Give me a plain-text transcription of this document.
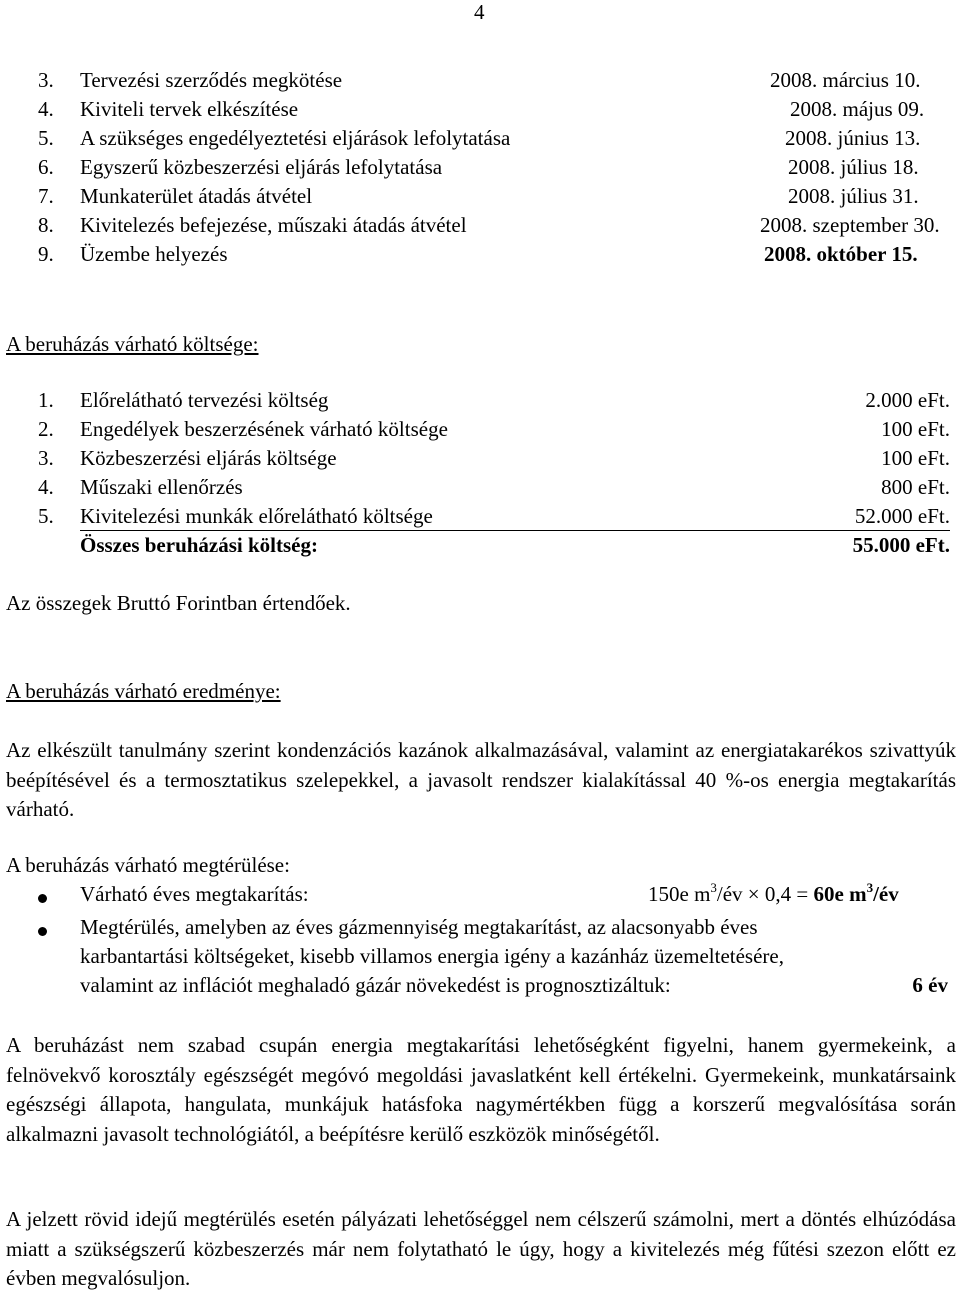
4
3. Tervezési szerződés megkötése	2008. március 10.
4. Kiviteli tervek elkészítése	2008. május 09.
5. A szükséges engedélyeztetési eljárások lefolytatása	2008. június 13.
6. Egyszerű közbeszerzési eljárás lefolytatása	2008. július 18.
7. Munkaterület átadás átvétel	2008. július 31.
8. Kivitelezés befejezése, műszaki átadás átvétel	2008. szeptember 30.
9. Üzembe helyezés	2008. október 15.
A beruházás várható költsége:
1. Előrelátható tervezési költség	2.000 eFt.
2. Engedélyek beszerzésének várható költsége	100 eFt.
3. Közbeszerzési eljárás költsége	100 eFt.
4. Műszaki ellenőrzés	800 eFt.
5. Kivitelezési munkák előrelátható költsége	52.000 eFt.
Összes beruházási költség:	55.000 eFt.
Az összegek Bruttó Forintban értendőek.
A beruházás várható eredménye:
Az elkészült tanulmány szerint kondenzációs kazánok alkalmazásával, valamint az energiatakarékos szivattyúk beépítésével és a termosztatikus szelepekkel, a javasolt rendszer kialakítással 40 %-os energia megtakarítás várható.
A beruházás várható megtérülése:
Várható éves megtakarítás:	150e $m^3/év \times 0,4 = 60e$ $m^3/év$
Megtérülés, amelyben az éves gázmennyiség megtakarítást, az alacsonyabb éves
karbantartási költségeket, kisebb villamos energia igény a kazánház üzemeltetésére,
valamint az inflációt meghaladó gázár növekedést is prognosztizáltuk:	6 év
A beruházást nem szabad csupán energia megtakarítási lehetőségként figyelni, hanem gyermekeink, a felnövekvő korosztály egészségét megóvó megoldási javaslatként kell értékelni. Gyermekeink, munkatársaink egészségi állapota, hangulata, munkájuk hatásfoka nagymértékben függ a korszerű megvalósítása során alkalmazni javasolt technológiától, a beépítésre kerülő eszközök minőségétől.
A jelzett rövid idejű megtérülés esetén pályázati lehetőséggel nem célszerű számolni, mert a döntés elhúzódása miatt a szükségszerű közbeszerzés már nem folytatható le úgy, hogy a kivitelezés még fűtési szezon előtt ez évben megvalósuljon.
